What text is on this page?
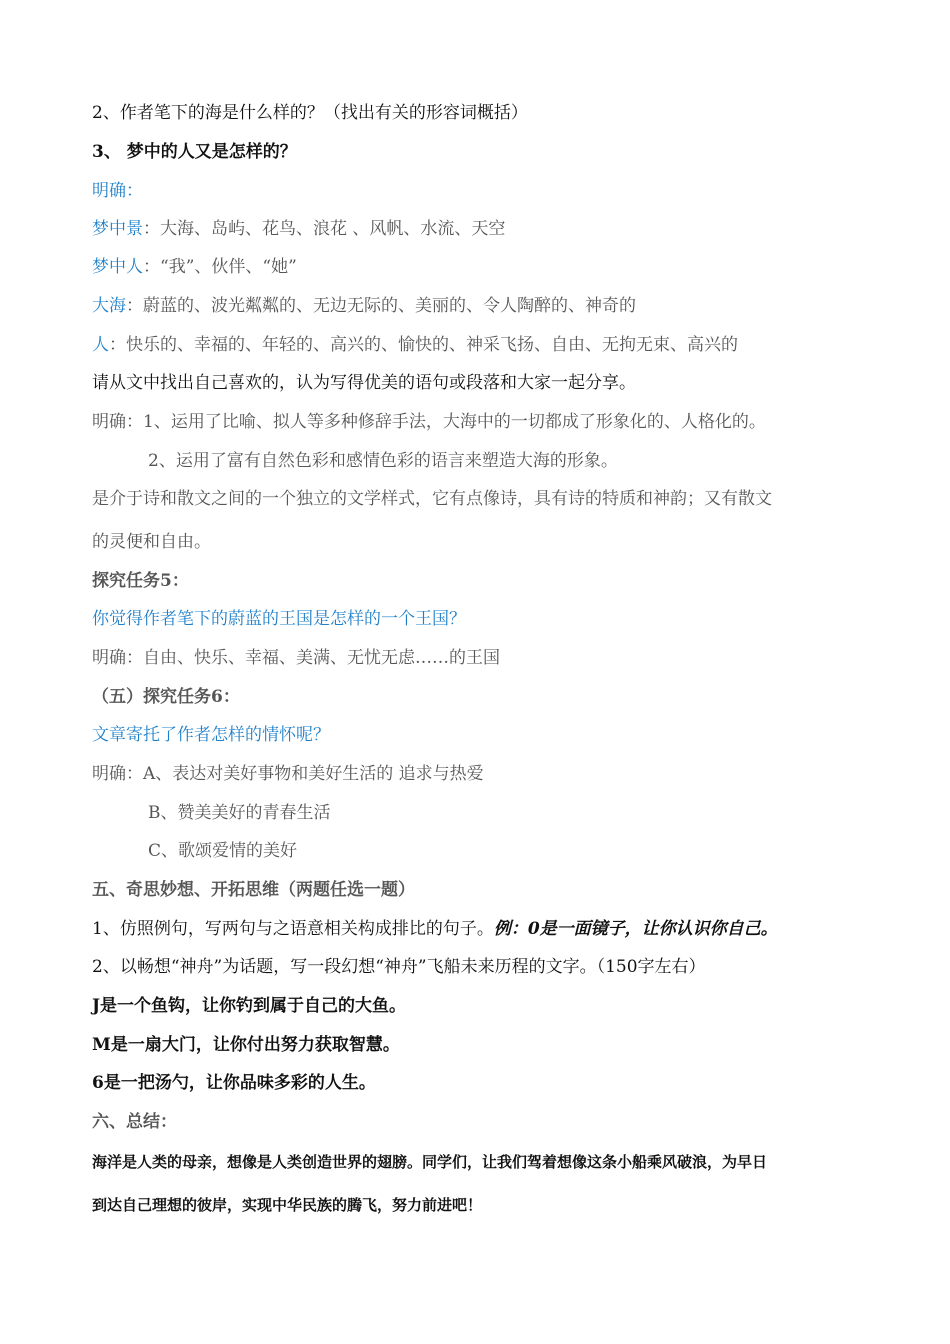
2、作者笔下的海是什么样的？（找出有关的形容词概括）
3、 梦中的人又是怎样的？
明确：
梦中景：大海、岛屿、花鸟、浪花 、风帆、水流、天空
梦中人：“我”、伙伴、“她”
大海：蔚蓝的、波光粼粼的、无边无际的、美丽的、令人陶醉的、神奇的
人：快乐的、幸福的、年轻的、高兴的、愉快的、神采飞扬、自由、无拘无束、高兴的
请从文中找出自己喜欢的，认为写得优美的语句或段落和大家一起分享。
明确：1、运用了比喻、拟人等多种修辞手法，大海中的一切都成了形象化的、人格化的。
2、运用了富有自然色彩和感情色彩的语言来塑造大海的形象。
是介于诗和散文之间的一个独立的文学样式，它有点像诗，具有诗的特质和神韵；又有散文
的灵便和自由。
探究任务5：
你觉得作者笔下的蔚蓝的王国是怎样的一个王国？
明确：自由、快乐、幸福、美满、无忧无虑……的王国
（五）探究任务6：
文章寄托了作者怎样的情怀呢？
明确：A、表达对美好事物和美好生活的 追求与热爱
B、赞美美好的青春生活
C、歌颂爱情的美好
五、奇思妙想、开拓思维（两题任选一题）
1、仿照例句，写两句与之语意相关构成排比的句子。例：0是一面镜子，让你认识你自己。
2、以畅想“神舟”为话题，写一段幻想“神舟”飞船未来历程的文字。（150字左右）
J是一个鱼钩，让你钓到属于自己的大鱼。
M是一扇大门，让你付出努力获取智慧。
6是一把汤勺，让你品味多彩的人生。
六、总结：
海洋是人类的母亲，想像是人类创造世界的翅膀。同学们，让我们驾着想像这条小船乘风破浪，为早日
到达自己理想的彼岸，实现中华民族的腾飞，努力前进吧！
